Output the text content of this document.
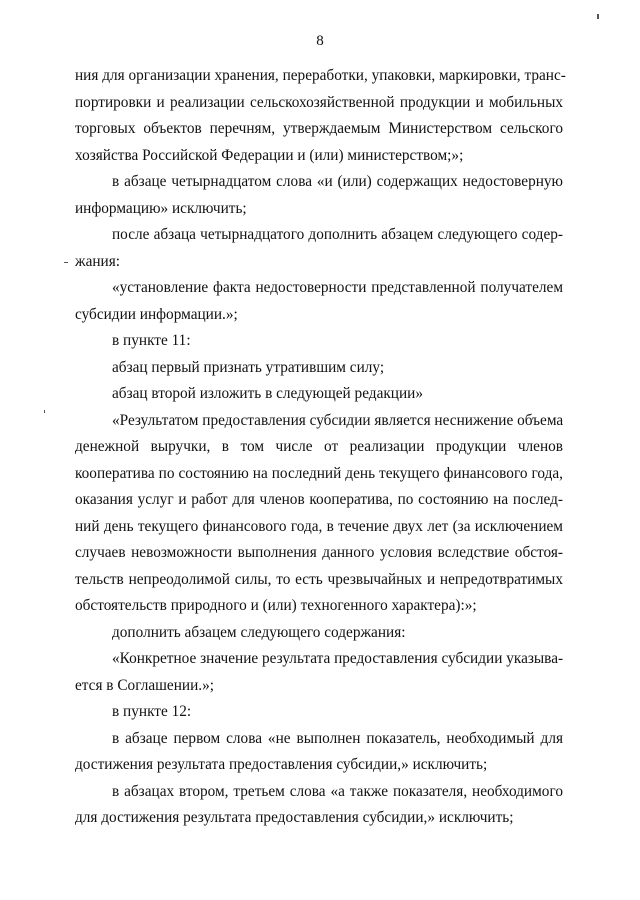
8
ния для организации хранения, переработки, упаковки, маркировки, транс-
портировки и реализации сельскохозяйственной продукции и мобильных
торговых объектов перечням, утверждаемым Министерством сельского
хозяйства Российской Федерации и (или) министерством;»;
в абзаце четырнадцатом слова «и (или) содержащих недостоверную
информацию» исключить;
после абзаца четырнадцатого дополнить абзацем следующего содер-
жания:
«установление факта недостоверности представленной получателем
субсидии информации.»;
в пункте 11:
абзац первый признать утратившим силу;
абзац второй изложить в следующей редакции»
«Результатом предоставления субсидии является неснижение объема
денежной выручки, в том числе от реализации продукции членов
кооператива по состоянию на последний день текущего финансового года,
оказания услуг и работ для членов кооператива, по состоянию на послед-
ний день текущего финансового года, в течение двух лет (за исключением
случаев невозможности выполнения данного условия вследствие обстоя-
тельств непреодолимой силы, то есть чрезвычайных и непредотвратимых
обстоятельств природного и (или) техногенного характера):»;
дополнить абзацем следующего содержания:
«Конкретное значение результата предоставления субсидии указыва-
ется в Соглашении.»;
в пункте 12:
в абзаце первом слова «не выполнен показатель, необходимый для
достижения результата предоставления субсидии,» исключить;
в абзацах втором, третьем слова «а также показателя, необходимого
для достижения результата предоставления субсидии,» исключить;
